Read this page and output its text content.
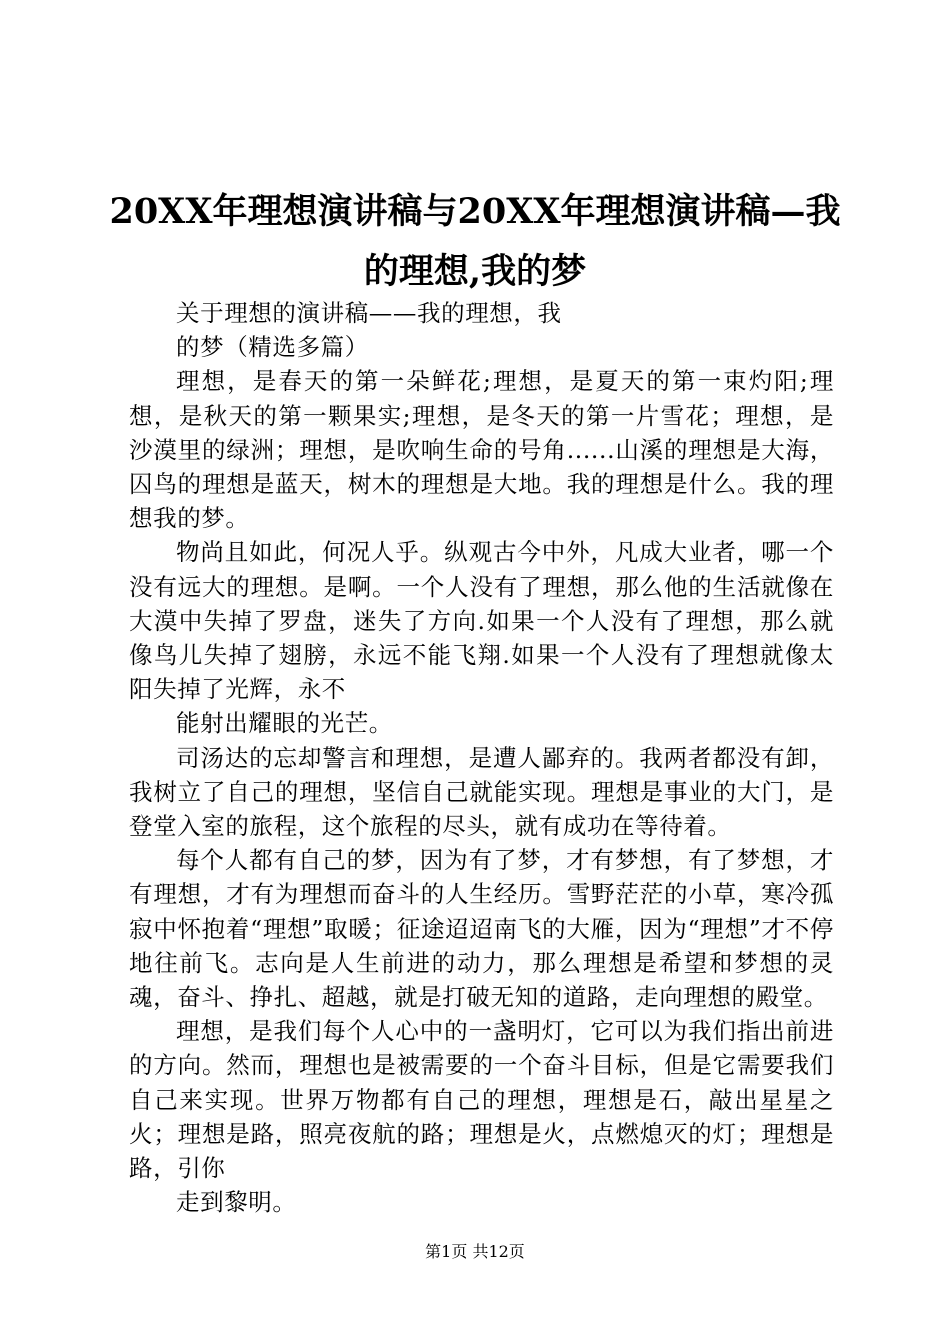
20XX年理想演讲稿与20XX年理想演讲稿—我的理想,我的梦

关于理想的演讲稿——我的理想，我

的梦（精选多篇）

理想，是春天的第一朵鲜花;理想，是夏天的第一束灼阳;理想，是秋天的第一颗果实;理想，是冬天的第一片雪花；理想，是沙漠里的绿洲；理想，是吹响生命的号角......山溪的理想是大海，囚鸟的理想是蓝天，树木的理想是大地。我的理想是什么。我的理想我的梦。

物尚且如此，何况人乎。纵观古今中外，凡成大业者，哪一个没有远大的理想。是啊。一个人没有了理想，那么他的生活就像在大漠中失掉了罗盘，迷失了方向.如果一个人没有了理想，那么就像鸟儿失掉了翅膀，永远不能飞翔.如果一个人没有了理想就像太阳失掉了光辉，永不

能射出耀眼的光芒。

司汤达的忘却警言和理想，是遭人鄙弃的。我两者都没有卸，我树立了自己的理想，坚信自己就能实现。理想是事业的大门，是登堂入室的旅程，这个旅程的尽头，就有成功在等待着。

每个人都有自己的梦，因为有了梦，才有梦想，有了梦想，才有理想，才有为理想而奋斗的人生经历。雪野茫茫的小草，寒冷孤寂中怀抱着“理想”取暖；征途迢迢南飞的大雁，因为“理想”才不停地往前飞。志向是人生前进的动力，那么理想是希望和梦想的灵魂，奋斗、挣扎、超越，就是打破无知的道路，走向理想的殿堂。

理想，是我们每个人心中的一盏明灯，它可以为我们指出前进的方向。然而，理想也是被需要的一个奋斗目标，但是它需要我们自己来实现。世界万物都有自己的理想，理想是石，敲出星星之火；理想是路，照亮夜航的路；理想是火，点燃熄灭的灯；理想是路，引你

走到黎明。

第1页 共12页
